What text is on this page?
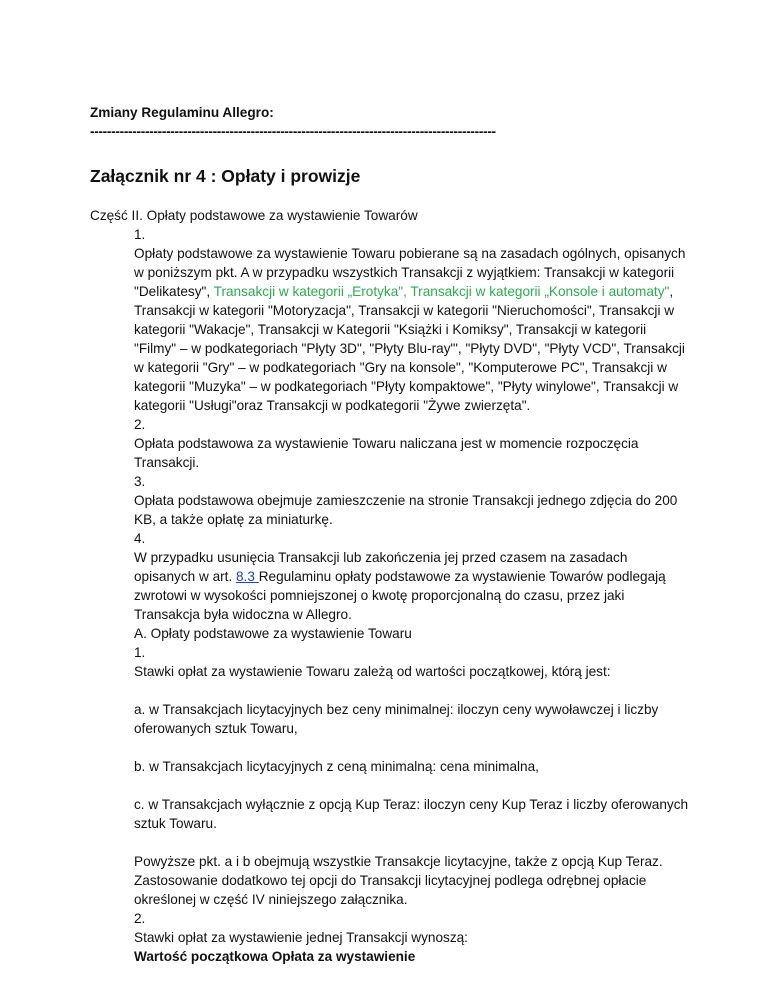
Zmiany Regulaminu Allegro:

------------------------------------------------------------------------------------------------

Załącznik nr 4 : Opłaty i prowizje

Część II. Opłaty podstawowe za wystawienie Towarów

1.

Opłaty podstawowe za wystawienie Towaru pobierane są na zasadach ogólnych, opisanych w poniższym pkt. A w przypadku wszystkich Transakcji z wyjątkiem: Transakcji w kategorii "Delikatesy", Transakcji w kategorii „Erotyka", Transakcji w kategorii „Konsole i automaty", Transakcji w kategorii "Motoryzacja", Transakcji w kategorii "Nieruchomości", Transakcji w kategorii "Wakacje", Transakcji w Kategorii "Książki i Komiksy", Transakcji w kategorii "Filmy" – w podkategoriach "Płyty 3D", "Płyty Blu-ray"', "Płyty DVD", "Płyty VCD", Transakcji w kategorii "Gry" – w podkategoriach "Gry na konsole", "Komputerowe PC", Transakcji w kategorii "Muzyka" – w podkategoriach "Płyty kompaktowe", "Płyty winylowe", Transakcji w kategorii "Usługi"oraz Transakcji w podkategorii "Żywe zwierzęta".

2.

Opłata podstawowa za wystawienie Towaru naliczana jest w momencie rozpoczęcia Transakcji.

3.

Opłata podstawowa obejmuje zamieszczenie na stronie Transakcji jednego zdjęcia do 200 KB, a także opłatę za miniaturkę.

4.

W przypadku usunięcia Transakcji lub zakończenia jej przed czasem na zasadach opisanych w art. 8.3 Regulaminu opłaty podstawowe za wystawienie Towarów podlegają zwrotowi w wysokości pomniejszonej o kwotę proporcjonalną do czasu, przez jaki Transakcja była widoczna w Allegro.

A. Opłaty podstawowe za wystawienie Towaru

1.

Stawki opłat za wystawienie Towaru zależą od wartości początkowej, którą jest:

a. w Transakcjach licytacyjnych bez ceny minimalnej: iloczyn ceny wywoławczej i liczby oferowanych sztuk Towaru,

b. w Transakcjach licytacyjnych z ceną minimalną: cena minimalna,

c. w Transakcjach wyłącznie z opcją Kup Teraz: iloczyn ceny Kup Teraz i liczby oferowanych sztuk Towaru.

Powyższe pkt. a i b obejmują wszystkie Transakcje licytacyjne, także z opcją Kup Teraz. Zastosowanie dodatkowo tej opcji do Transakcji licytacyjnej podlega odrębnej opłacie określonej w część IV niniejszego załącznika.

2.

Stawki opłat za wystawienie jednej Transakcji wynoszą:

Wartość początkowa Opłata za wystawienie
